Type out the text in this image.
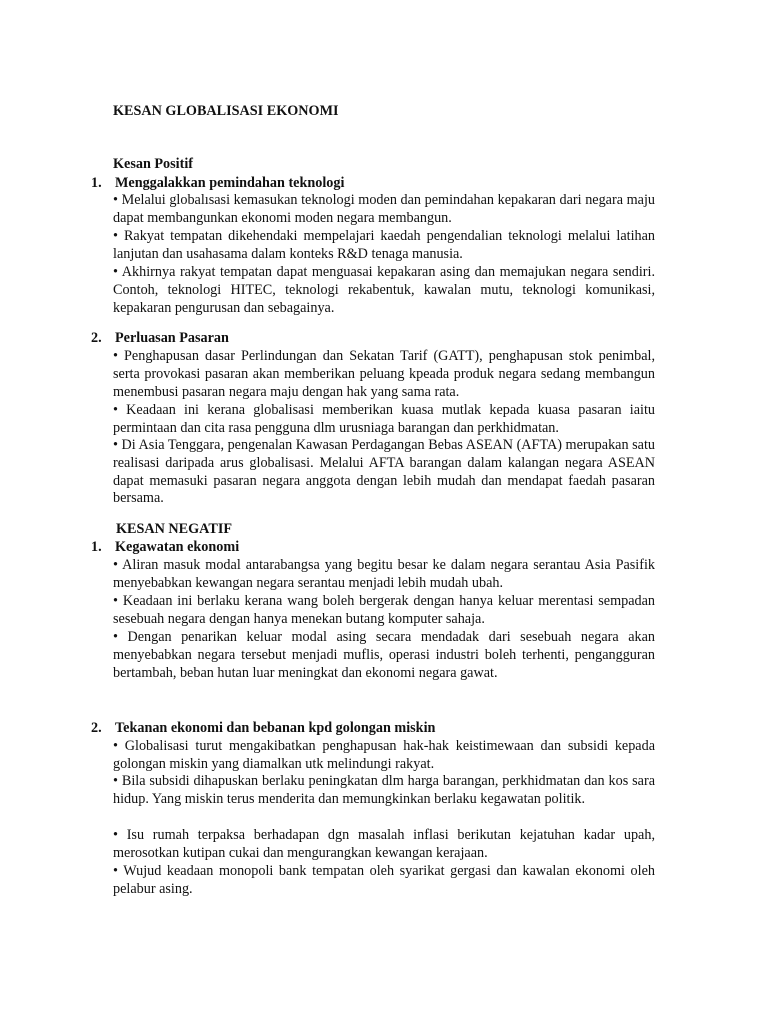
KESAN GLOBALISASI EKONOMI
Kesan Positif
1. Menggalakkan pemindahan teknologi
• Melalui globalısasi kemasukan teknologi moden dan pemindahan kepakaran dari negara maju dapat membangunkan ekonomi moden negara membangun.
• Rakyat tempatan dikehendaki mempelajari kaedah pengendalian teknologi melalui latihan lanjutan dan usahasama dalam konteks R&D tenaga manusia.
• Akhirnya rakyat tempatan dapat menguasai kepakaran asing dan memajukan negara sendiri. Contoh, teknologi HITEC, teknologi rekabentuk, kawalan mutu, teknologi komunikasi, kepakaran pengurusan dan sebagainya.
2. Perluasan Pasaran
• Penghapusan dasar Perlindungan dan Sekatan Tarif (GATT), penghapusan stok penimbal, serta provokasi pasaran akan memberikan peluang kpeada produk negara sedang membangun menembusi pasaran negara maju dengan hak yang sama rata.
• Keadaan ini kerana globalisasi memberikan kuasa mutlak kepada kuasa pasaran iaitu permintaan dan cita rasa pengguna dlm urusniaga barangan dan perkhidmatan.
• Di Asia Tenggara, pengenalan Kawasan Perdagangan Bebas ASEAN (AFTA) merupakan satu realisasi daripada arus globalisasi. Melalui AFTA barangan dalam kalangan negara ASEAN dapat memasuki pasaran negara anggota dengan lebih mudah dan mendapat faedah pasaran bersama.
KESAN NEGATIF
1. Kegawatan ekonomi
• Aliran masuk modal antarabangsa yang begitu besar ke dalam negara serantau Asia Pasifik menyebabkan kewangan negara serantau menjadi lebih mudah ubah.
• Keadaan ini berlaku kerana wang boleh bergerak dengan hanya keluar merentasi sempadan sesebuah negara dengan hanya menekan butang komputer sahaja.
• Dengan penarikan keluar modal asing secara mendadak dari sesebuah negara akan menyebabkan negara tersebut menjadi muflis, operasi industri boleh terhenti, pengangguran bertambah, beban hutan luar meningkat dan ekonomi negara gawat.
2. Tekanan ekonomi dan bebanan kpd golongan miskin
• Globalisasi turut mengakibatkan penghapusan hak-hak keistimewaan dan subsidi kepada golongan miskin yang diamalkan utk melindungi rakyat.
• Bila subsidi dihapuskan berlaku peningkatan dlm harga barangan, perkhidmatan dan kos sara hidup. Yang miskin terus menderita dan memungkinkan berlaku kegawatan politik.
• Isu rumah terpaksa berhadapan dgn masalah inflasi berikutan kejatuhan kadar upah, merosotkan kutipan cukai dan mengurangkan kewangan kerajaan.
• Wujud keadaan monopoli bank tempatan oleh syarikat gergasi dan kawalan ekonomi oleh pelabur asing.
